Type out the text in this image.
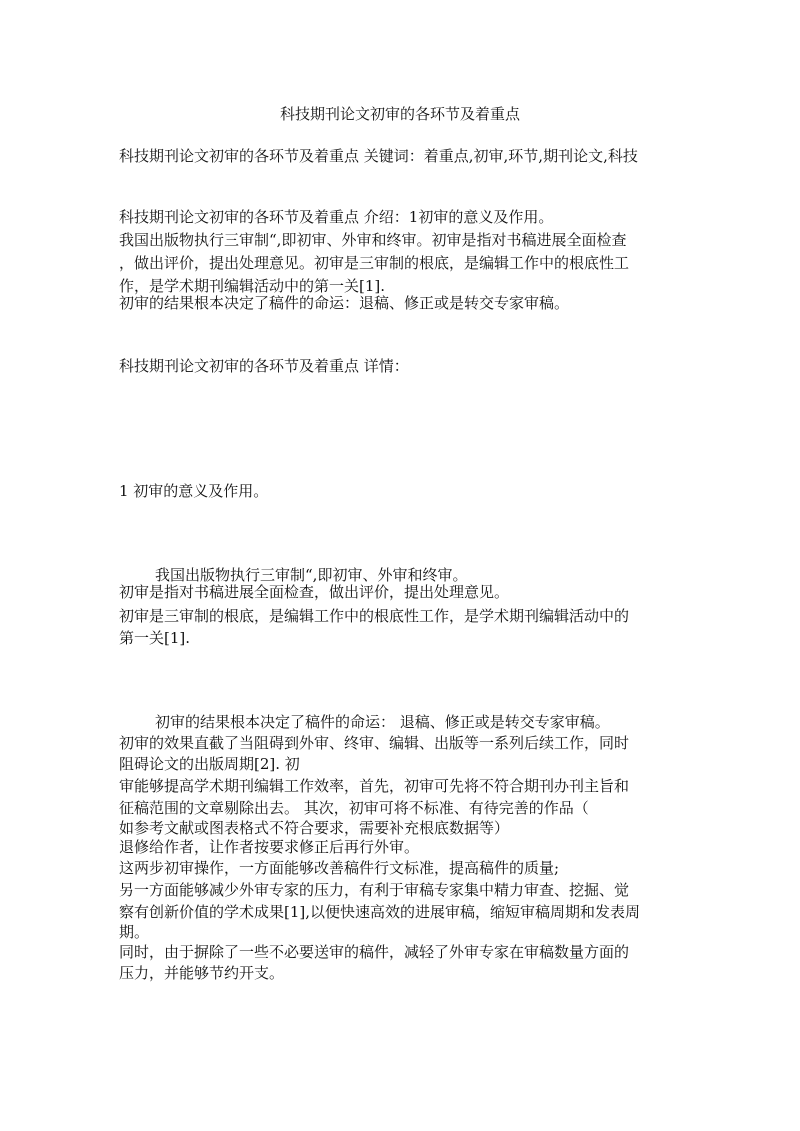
科技期刊论文初审的各环节及着重点
科技期刊论文初审的各环节及着重点 关键词：着重点,初审,环节,期刊论文,科技
科技期刊论文初审的各环节及着重点 介绍：1初审的意义及作用。
我国出版物执行三审制“,即初审、外审和终审。初审是指对书稿进展全面检查
，做出评价，提出处理意见。初审是三审制的根底，是编辑工作中的根底性工
作，是学术期刊编辑活动中的第一关[1].
初审的结果根本决定了稿件的命运：退稿、修正或是转交专家审稿。
科技期刊论文初审的各环节及着重点 详情：
1 初审的意义及作用。
我国出版物执行三审制“,即初审、外审和终审。
初审是指对书稿进展全面检查，做出评价，提出处理意见。
初审是三审制的根底，是编辑工作中的根底性工作，是学术期刊编辑活动中的
第一关[1].
初审的结果根本决定了稿件的命运： 退稿、修正或是转交专家审稿。
初审的效果直截了当阻碍到外审、终审、编辑、出版等一系列后续工作，同时
阻碍论文的出版周期[2]. 初
审能够提高学术期刊编辑工作效率，首先，初审可先将不符合期刊办刊主旨和
征稿范围的文章剔除出去。 其次，初审可将不标准、有待完善的作品（
如参考文献或图表格式不符合要求，需要补充根底数据等）
退修给作者，让作者按要求修正后再行外审。
这两步初审操作，一方面能够改善稿件行文标准，提高稿件的质量;
另一方面能够减少外审专家的压力，有利于审稿专家集中精力审查、挖掘、觉
察有创新价值的学术成果[1],以便快速高效的进展审稿，缩短审稿周期和发表周
期。
同时，由于摒除了一些不必要送审的稿件，减轻了外审专家在审稿数量方面的
压力，并能够节约开支。
